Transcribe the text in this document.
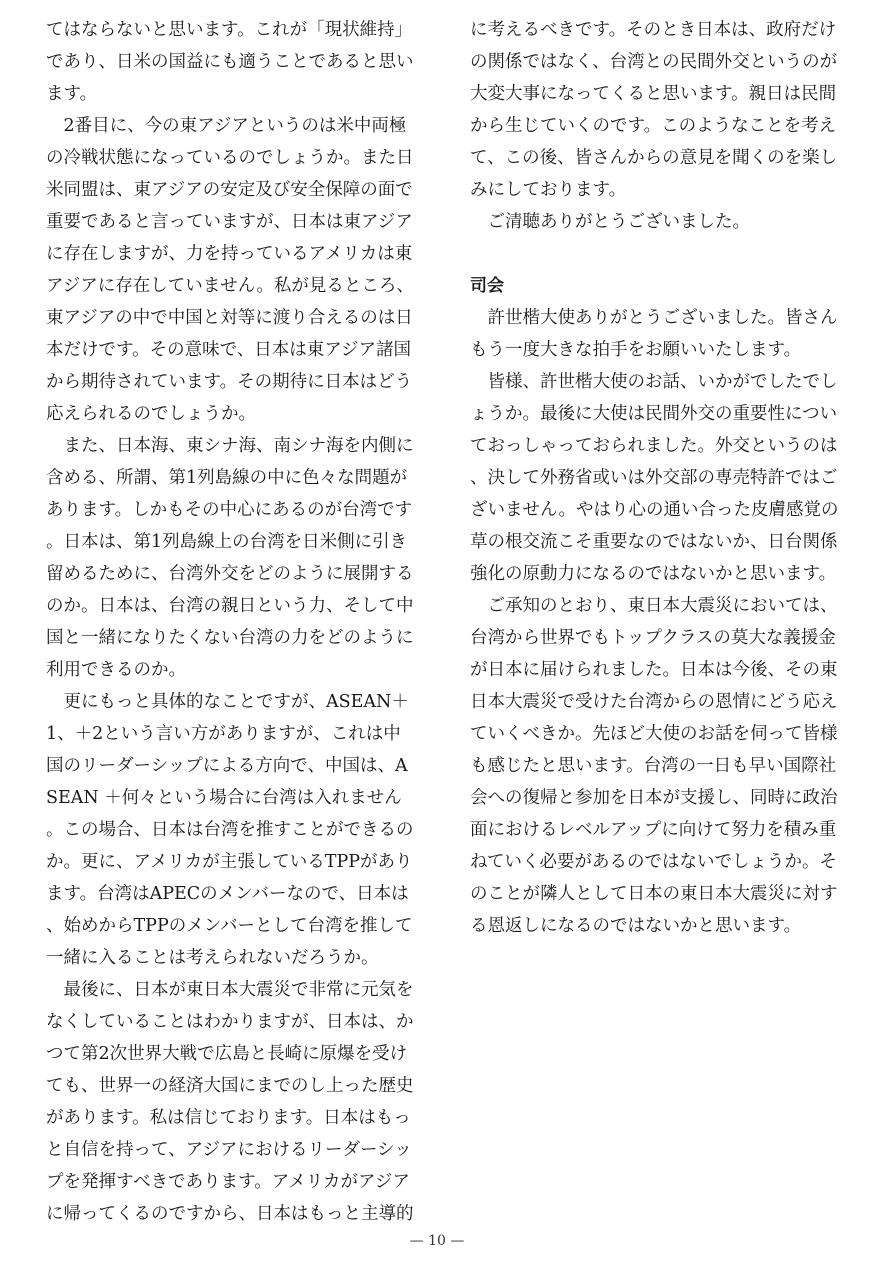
てはならないと思います。これが「現状維持」であり、日米の国益にも適うことであると思います。

2番目に、今の東アジアというのは米中両極の冷戦状態になっているのでしょうか。また日米同盟は、東アジアの安定及び安全保障の面で重要であると言っていますが、日本は東アジアに存在しますが、力を持っているアメリカは東アジアに存在していません。私が見るところ、東アジアの中で中国と対等に渡り合えるのは日本だけです。その意味で、日本は東アジア諸国から期待されています。その期待に日本はどう応えられるのでしょうか。

また、日本海、東シナ海、南シナ海を内側に含める、所謂、第1列島線の中に色々な問題があります。しかもその中心にあるのが台湾です。日本は、第1列島線上の台湾を日米側に引き留めるために、台湾外交をどのように展開するのか。日本は、台湾の親日という力、そして中国と一緒になりたくない台湾の力をどのように利用できるのか。

更にもっと具体的なことですが、ASEAN＋1、＋2という言い方がありますが、これは中国のリーダーシップによる方向で、中国は、ASEAN ＋何々という場合に台湾は入れません。この場合、日本は台湾を推すことができるのか。更に、アメリカが主張しているTPPがあります。台湾はAPECのメンバーなので、日本は、始めからTPPのメンバーとして台湾を推して一緒に入ることは考えられないだろうか。

最後に、日本が東日本大震災で非常に元気をなくしていることはわかりますが、日本は、かつて第2次世界大戦で広島と長崎に原爆を受けても、世界一の経済大国にまでのし上った歴史があります。私は信じております。日本はもっと自信を持って、アジアにおけるリーダーシップを発揮すべきであります。アメリカがアジアに帰ってくるのですから、日本はもっと主導的

に考えるべきです。そのとき日本は、政府だけの関係ではなく、台湾との民間外交というのが大変大事になってくると思います。親日は民間から生じていくのです。このようなことを考えて、この後、皆さんからの意見を聞くのを楽しみにしております。

ご清聴ありがとうございました。

司会

許世楷大使ありがとうございました。皆さんもう一度大きな拍手をお願いいたします。

皆様、許世楷大使のお話、いかがでしたでしょうか。最後に大使は民間外交の重要性についておっしゃっておられました。外交というのは、決して外務省或いは外交部の専売特許ではございません。やはり心の通い合った皮膚感覚の草の根交流こそ重要なのではないか、日台関係強化の原動力になるのではないかと思います。

ご承知のとおり、東日本大震災においては、台湾から世界でもトップクラスの莫大な義援金が日本に届けられました。日本は今後、その東日本大震災で受けた台湾からの恩情にどう応えていくべきか。先ほど大使のお話を伺って皆様も感じたと思います。台湾の一日も早い国際社会への復帰と参加を日本が支援し、同時に政治面におけるレベルアップに向けて努力を積み重ねていく必要があるのではないでしょうか。そのことが隣人として日本の東日本大震災に対する恩返しになるのではないかと思います。

— 10 —
